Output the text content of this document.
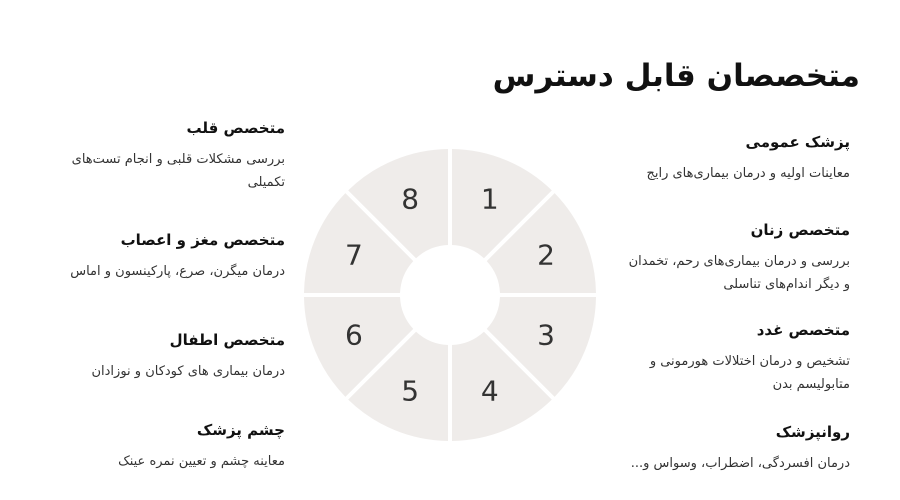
متخصصان قابل دسترس
متخصص قلب
بررسی مشکلات قلبی و انجام تست‌های
تکمیلی
متخصص مغز و اعصاب
درمان میگرن، صرع، پارکینسون و اماس
متخصص اطفال
درمان بیماری های کودکان و نوزادان
چشم پزشک
معاینه چشم و تعیین نمره عینک
پزشک عمومی
معاینات اولیه و درمان بیماری‌های رایج
متخصص زنان
بررسی و درمان بیماری‌های رحم، تخمدان
و دیگر اندام‌های تناسلی
متخصص غدد
تشخیص و درمان اختلالات هورمونی و
متابولیسم بدن
روانپزشک
درمان افسردگی، اضطراب، وسواس و...
1
2
3
4
5
6
7
8
